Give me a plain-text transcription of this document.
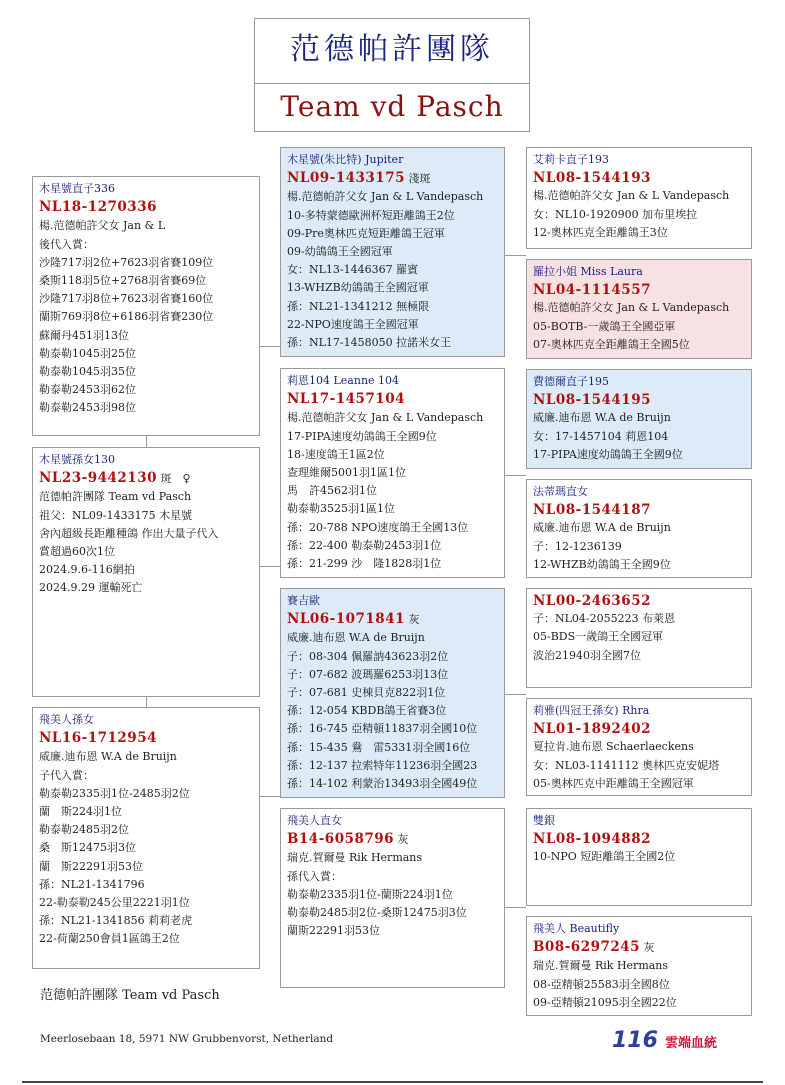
范德帕許團隊
Team vd Pasch
木星號直子336
NL18-1270336
楊.范德帕許父女 Jan & L
後代入賞：
沙隆717羽2位+7623羽省賽109位
桑斯118羽5位+2768羽省賽69位
沙隆717羽8位+7623羽省賽160位
蘭斯769羽8位+6186羽省賽230位
蘇爾丹451羽13位
勒泰勒1045羽25位
勒泰勒1045羽35位
勒泰勒2453羽62位
勒泰勒2453羽98位
木星號孫女130
NL23-9442130 斑　♀
范德帕許團隊 Team vd Pasch
祖父：NL09-1433175 木星號
舍內超級長距離種鴿 作出大量子代入
賞超過60次1位
2024.9.6-116網拍
2024.9.29 運輸死亡
飛美人孫女
NL16-1712954
威廉.迪布恩 W.A de Bruijn
子代入賞：
勒泰勒2335羽1位-2485羽2位
蘭　斯224羽1位
勒泰勒2485羽2位
桑　斯12475羽3位
蘭　斯22291羽53位
孫：NL21-1341796
22-勒泰勒245公里2221羽1位
孫：NL21-1341856 莉莉老虎
22-荷蘭250會員1區鴿王2位
木星號(朱比特) Jupiter
NL09-1433175 淺斑
楊.范德帕許父女 Jan & L Vandepasch
10-多特蒙德歐洲杯短距離鴿王2位
09-Pre奧林匹克短距離鴿王冠軍
09-幼鴿鴿王全國冠軍
女：NL13-1446367 羅賓
13-WHZB幼鴿鴿王全國冠軍
孫：NL21-1341212 無極限
22-NPO速度鴿王全國冠軍
孫：NL17-1458050 拉諾米女王
莉恩104 Leanne 104
NL17-1457104
楊.范德帕許父女 Jan & L Vandepasch
17-PIPA速度幼鴿鴿王全國9位
18-速度鴿王1區2位
查理維爾5001羽1區1位
馬　許4562羽1位
勒泰勒3525羽1區1位
孫：20-788 NPO速度鴿王全國13位
孫：22-400 勒泰勒2453羽1位
孫：21-299 沙　隆1828羽1位
賽吉歐
NL06-1071841 灰
威廉.迪布恩 W.A de Bruijn
子：08-304 佩羅訥43623羽2位
子：07-682 波瑪羅6253羽13位
子：07-681 史棟貝克822羽1位
孫：12-054 KBDB鴿王省賽3位
孫：16-745 亞精頓11837羽全國10位
孫：15-435 鴦　雷5331羽全國16位
孫：12-137 拉索特年11236羽全國23
孫：14-102 利蒙治13493羽全國49位
飛美人直女
B14-6058796 灰
瑞克.賀爾曼 Rik Hermans
孫代入賞：
勒泰勒2335羽1位-蘭斯224羽1位
勒泰勒2485羽2位-桑斯12475羽3位
蘭斯22291羽53位
艾莉卡直子193
NL08-1544193
楊.范德帕許父女 Jan & L Vandepasch
女：NL10-1920900 加布里埃拉
12-奧林匹克全距離鴿王3位
羅拉小姐 Miss Laura
NL04-1114557
楊.范德帕許父女 Jan & L Vandepasch
05-BOTB-一歲鴿王全國亞軍
07-奧林匹克全距離鴿王全國5位
費德爾直子195
NL08-1544195
威廉.迪布恩 W.A de Bruijn
女：17-1457104 莉恩104
17-PIPA速度幼鴿鴿王全國9位
法蒂瑪直女
NL08-1544187
威廉.迪布恩 W.A de Bruijn
子：12-1236139
12-WHZB幼鴿鴿王全國9位
NL00-2463652
子：NL04-2055223 布萊恩
05-BDS一歲鴿王全國冠軍
波治21940羽全國7位
莉雅(四冠王孫女) Rhra
NL01-1892402
夏拉肯.迪布恩 Schaerlaeckens
女：NL03-1141112 奧林匹克安妮塔
05-奧林匹克中距離鴿王全國冠軍
雙銀
NL08-1094882
10-NPO 短距離鴿王全國2位
飛美人 Beautifly
B08-6297245 灰
瑞克.賀爾曼 Rik Hermans
08-亞精頓25583羽全國8位
09-亞精頓21095羽全國22位
范德帕許團隊 Team vd Pasch
Meerlosebaan 18, 5971 NW Grubbenvorst, Netherland	116 雲端血統
